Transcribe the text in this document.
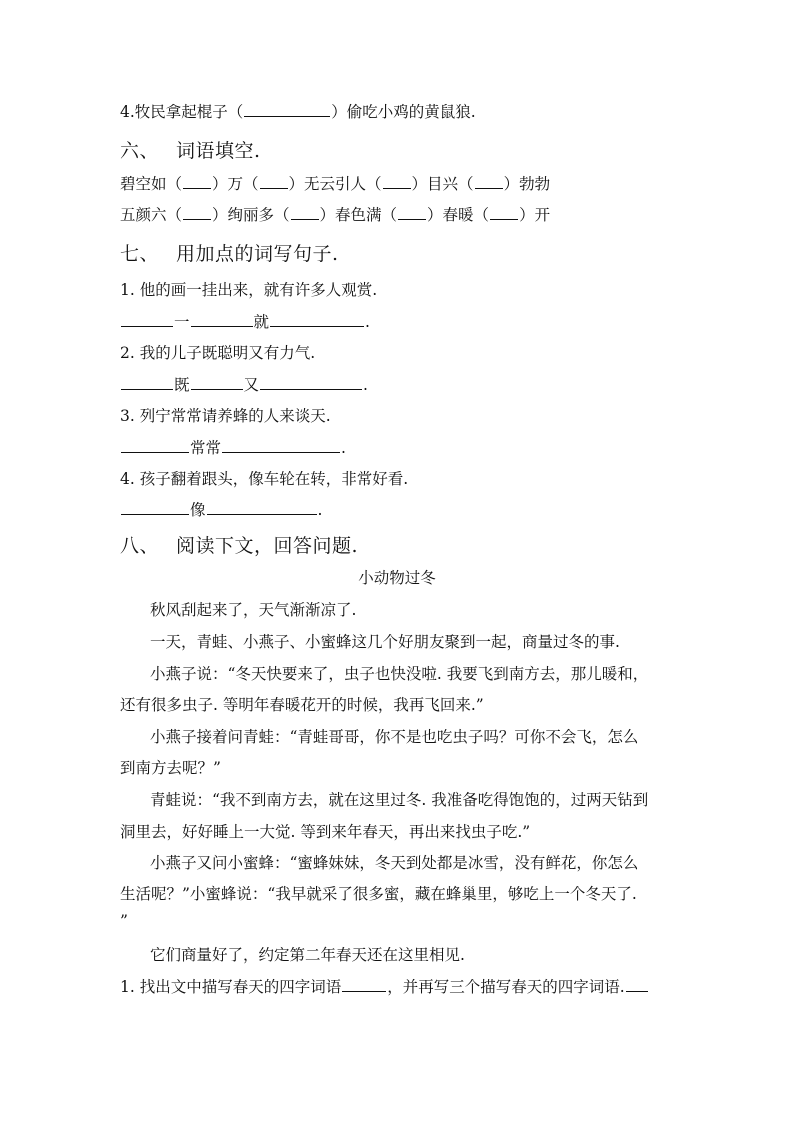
4.牧民拿起棍子（	）偷吃小鸡的黄鼠狼.
六、 词语填空.
碧空如（ ）万（ ）无云引人（ ）目兴（ ）勃勃
五颜六（ ）绚丽多（ ）春色满（ ）春暖（ ）开
七、 用加点的词写句子.
1. 他的画一挂出来，就有许多人观赏.
一	就	.
2. 我的儿子既聪明又有力气.
既	又	.
3. 列宁常常请养蜂的人来谈天.
常常	.
4. 孩子翻着跟头，像车轮在转，非常好看.
像	.
八、 阅读下文，回答问题.
小动物过冬
秋风刮起来了，天气渐渐凉了.
一天，青蛙、小燕子、小蜜蜂这几个好朋友聚到一起，商量过冬的事.
小燕子说：“冬天快要来了，虫子也快没啦. 我要飞到南方去，那儿暖和，
还有很多虫子. 等明年春暖花开的时候，我再飞回来.”
小燕子接着问青蛙：“青蛙哥哥，你不是也吃虫子吗？可你不会飞，怎么
到南方去呢？”
青蛙说：“我不到南方去，就在这里过冬. 我准备吃得饱饱的，过两天钻到
洞里去，好好睡上一大觉. 等到来年春天，再出来找虫子吃.”
小燕子又问小蜜蜂：“蜜蜂妹妹，冬天到处都是冰雪，没有鲜花，你怎么
生活呢？”小蜜蜂说：“我早就采了很多蜜，藏在蜂巢里，够吃上一个冬天了.
”
它们商量好了，约定第二年春天还在这里相见.
1. 找出文中描写春天的四字词语	，并再写三个描写春天的四字词语.
